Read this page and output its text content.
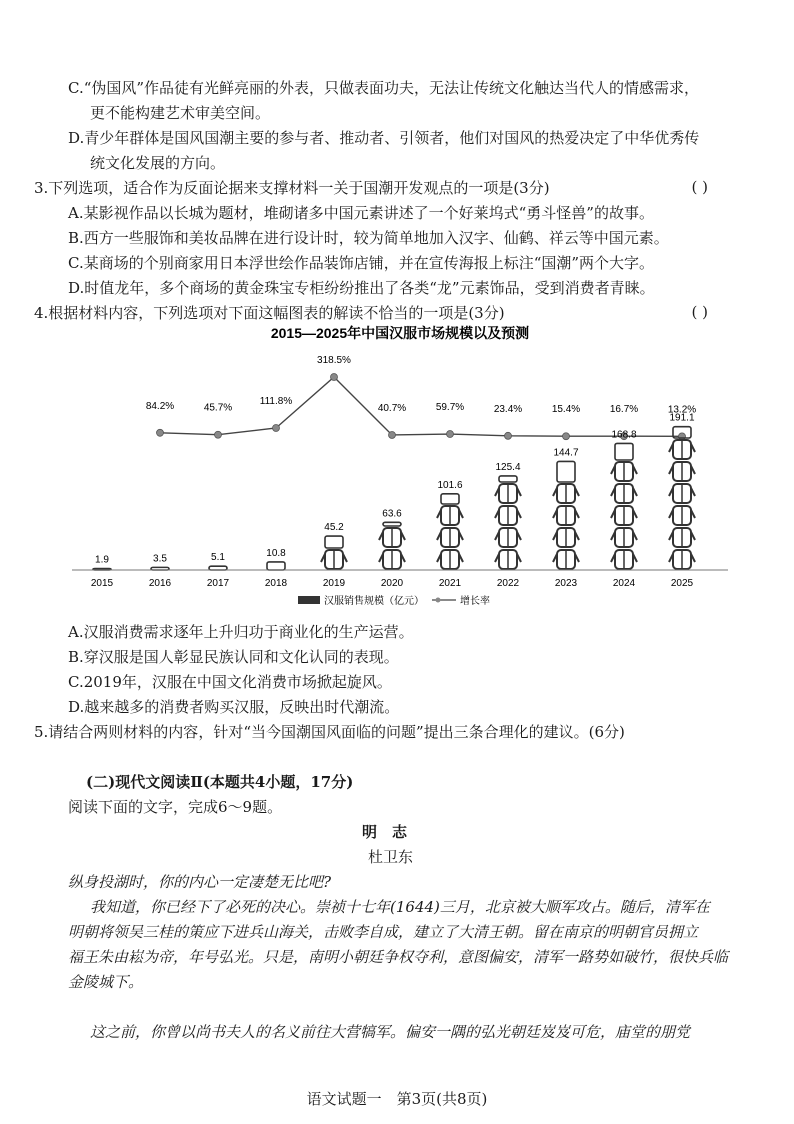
C.“伪国风”作品徒有光鲜亮丽的外表，只做表面功夫，无法让传统文化触达当代人的情感需求，
更不能构建艺术审美空间。
D.青少年群体是国风国潮主要的参与者、推动者、引领者，他们对国风的热爱决定了中华优秀传
统文化发展的方向。
3.下列选项，适合作为反面论据来支撑材料一关于国潮开发观点的一项是(3分)	( )
A.某影视作品以长城为题材，堆砌诸多中国元素讲述了一个好莱坞式“勇斗怪兽”的故事。
B.西方一些服饰和美妆品牌在进行设计时，较为简单地加入汉字、仙鹤、祥云等中国元素。
C.某商场的个别商家用日本浮世绘作品装饰店铺，并在宣传海报上标注“国潮”两个大字。
D.时值龙年，多个商场的黄金珠宝专柜纷纷推出了各类“龙”元素饰品，受到消费者青睐。
4.根据材料内容，下列选项对下面这幅图表的解读不恰当的一项是(3分)	( )
2015—2025年中国汉服市场规模以及预测
84.2%	45.7%
111.8%
318.5%
40.7%	59.7%	23.4%	15.4%	16.7%	13.2%
1.9	3.5	5.1	10.8
45.2
63.6
101.6
125.4
144.7
168.8
191.1
2015	2016	2017	2018	2019	2020	2021	2022	2023	2024	2025
汉服销售规模（亿元）	增长率
A.汉服消费需求逐年上升归功于商业化的生产运营。
B.穿汉服是国人彰显民族认同和文化认同的表现。
C.2019年，汉服在中国文化消费市场掀起旋风。
D.越来越多的消费者购买汉服，反映出时代潮流。
5.请结合两则材料的内容，针对“当今国潮国风面临的问题”提出三条合理化的建议。(6分)
(二)现代文阅读Ⅱ(本题共4小题，17分)
阅读下面的文字，完成6～9题。
明　志
杜卫东
纵身投湖时，你的内心一定凄楚无比吧?
我知道，你已经下了必死的决心。崇祯十七年(1644)三月，北京被大顺军攻占。随后，清军在
明朝将领吴三桂的策应下进兵山海关，击败李自成，建立了大清王朝。留在南京的明朝官员拥立
福王朱由崧为帝，年号弘光。只是，南明小朝廷争权夺利，意图偏安，清军一路势如破竹，很快兵临
金陵城下。
这之前，你曾以尚书夫人的名义前往大营犒军。偏安一隅的弘光朝廷岌岌可危，庙堂的朋党
语文试题一　第3页(共8页)
